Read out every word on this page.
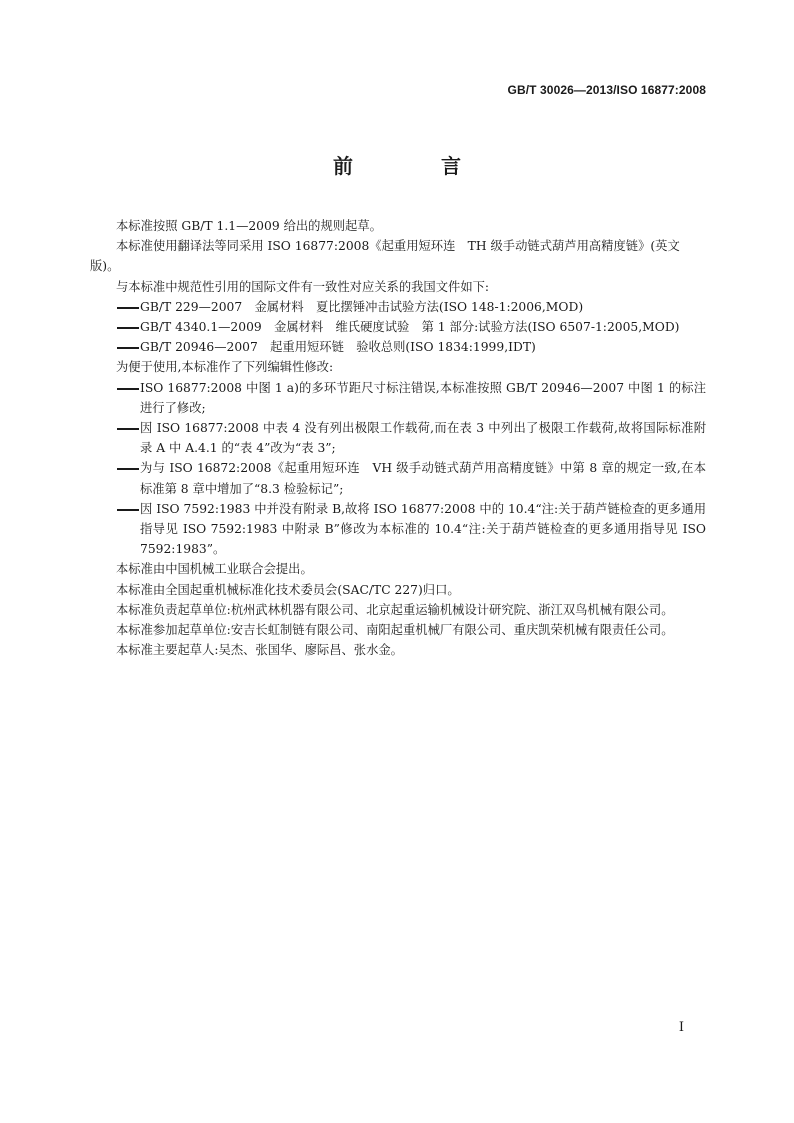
GB/T 30026—2013/ISO 16877:2008
前　言

本标准按照 GB/T 1.1—2009 给出的规则起草。

本标准使用翻译法等同采用 ISO 16877:2008《起重用短环连　TH 级手动链式葫芦用高精度链》(英文版)。

与本标准中规范性引用的国际文件有一致性对应关系的我国文件如下:

GB/T 229—2007　金属材料　夏比摆锤冲击试验方法(ISO 148-1:2006,MOD)
GB/T 4340.1—2009　金属材料　维氏硬度试验　第 1 部分:试验方法(ISO 6507-1:2005,MOD)
GB/T 20946—2007　起重用短环链　验收总则(ISO 1834:1999,IDT)

为便于使用,本标准作了下列编辑性修改:

ISO 16877:2008 中图 1 a)的多环节距尺寸标注错误,本标准按照 GB/T 20946—2007 中图 1 的标注进行了修改;
因 ISO 16877:2008 中表 4 没有列出极限工作载荷,而在表 3 中列出了极限工作载荷,故将国际标准附录 A 中 A.4.1 的“表 4”改为“表 3”;
为与 ISO 16872:2008《起重用短环连　VH 级手动链式葫芦用高精度链》中第 8 章的规定一致,在本标准第 8 章中增加了“8.3 检验标记”;
因 ISO 7592:1983 中并没有附录 B,故将 ISO 16877:2008 中的 10.4“注:关于葫芦链检查的更多通用指导见 ISO 7592:1983 中附录 B”修改为本标准的 10.4“注:关于葫芦链检查的更多通用指导见 ISO 7592:1983”。

本标准由中国机械工业联合会提出。

本标准由全国起重机械标准化技术委员会(SAC/TC 227)归口。

本标准负责起草单位:杭州武林机器有限公司、北京起重运输机械设计研究院、浙江双鸟机械有限公司。

本标准参加起草单位:安吉长虹制链有限公司、南阳起重机械厂有限公司、重庆凯荣机械有限责任公司。

本标准主要起草人:吴杰、张国华、廖际昌、张水金。

I
